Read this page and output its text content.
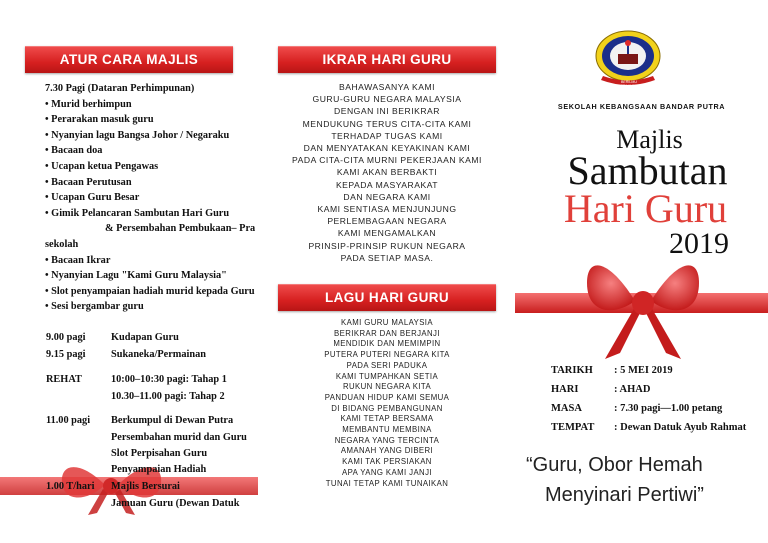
ATUR CARA MAJLIS
7.30 Pagi (Dataran Perhimpunan)
• Murid berhimpun
• Perarakan masuk guru
• Nyanyian lagu Bangsa Johor / Negaraku
• Bacaan doa
• Ucapan ketua Pengawas
• Bacaan Perutusan
• Ucapan Guru Besar
• Gimik Pelancaran Sambutan Hari Guru
& Persembahan Pembukaan– Pra
sekolah
• Bacaan Ikrar
• Nyanyian Lagu "Kami Guru Malaysia"
• Slot penyampaian hadiah murid kepada Guru
• Sesi bergambar guru
9.00 pagi Kudapan Guru
9.15 pagi Sukaneka/Permainan
REHAT	10:00–10:30 pagi: Tahap 1
10.30–11.00 pagi: Tahap 2
11.00 pagi Berkumpul di Dewan Putra
Persembahan murid dan Guru
Slot Perpisahan Guru
Penyampaian Hadiah
1.00 T/hari Majlis Bersurai
Jamuan Guru (Dewan Datuk
IKRAR HARI GURU
BAHAWASANYA KAMI
GURU-GURU NEGARA MALAYSIA
DENGAN INI BERIKRAR
MENDUKUNG TERUS CITA-CITA KAMI
TERHADAP TUGAS KAMI
DAN MENYATAKAN KEYAKINAN KAMI
PADA CITA-CITA MURNI PEKERJAAN KAMI
KAMI AKAN BERBAKTI
KEPADA MASYARAKAT
DAN NEGARA KAMI
KAMI SENTIASA MENJUNJUNG
PERLEMBAGAAN NEGARA
KAMI MENGAMALKAN
PRINSIP-PRINSIP RUKUN NEGARA
PADA SETIAP MASA.
LAGU HARI GURU
KAMI GURU MALAYSIA
BERIKRAR DAN BERJANJI
MENDIDIK DAN MEMIMPIN
PUTERA PUTERI NEGARA KITA
PADA SERI PADUKA
KAMI TUMPAHKAN SETIA
RUKUN NEGARA KITA
PANDUAN HIDUP KAMI SEMUA
DI BIDANG PEMBANGUNAN
KAMI TETAP BERSAMA
MEMBANTU MEMBINA
NEGARA YANG TERCINTA
AMANAH YANG DIBERI
KAMI TAK PERSIAKAN
APA YANG KAMI JANJI
TUNAI TETAP KAMI TUNAIKAN
BERILMU BERAKHLAK
SEKOLAH KEBANGSAAN BANDAR PUTRA
Majlis
Sambutan
Hari Guru
2019
TARIKH : 5 MEI 2019
HARI	: AHAD
MASA	: 7.30 pagi—1.00 petang
TEMPAT : Dewan Datuk Ayub Rahmat
“Guru, Obor Hemah
Menyinari Pertiwi”
